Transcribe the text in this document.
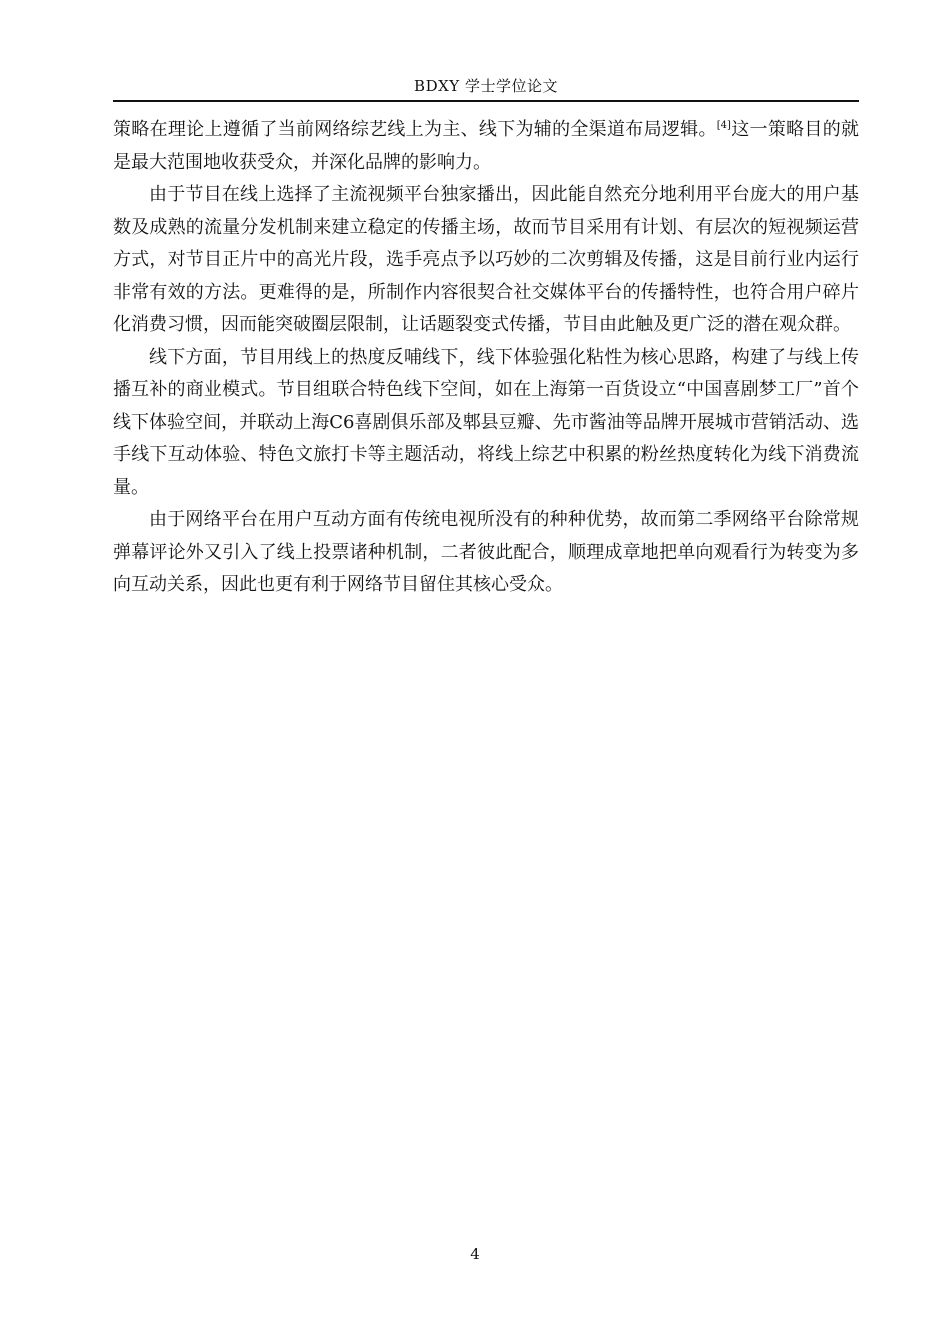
BDXY 学士学位论文

策略在理论上遵循了当前网络综艺线上为主、线下为辅的全渠道布局逻辑。[4]这一策略目的就是最大范围地收获受众，并深化品牌的影响力。

由于节目在线上选择了主流视频平台独家播出，因此能自然充分地利用平台庞大的用户基数及成熟的流量分发机制来建立稳定的传播主场，故而节目采用有计划、有层次的短视频运营方式，对节目正片中的高光片段，选手亮点予以巧妙的二次剪辑及传播，这是目前行业内运行非常有效的方法。更难得的是，所制作内容很契合社交媒体平台的传播特性，也符合用户碎片化消费习惯，因而能突破圈层限制，让话题裂变式传播，节目由此触及更广泛的潜在观众群。

线下方面，节目用线上的热度反哺线下，线下体验强化粘性为核心思路，构建了与线上传播互补的商业模式。节目组联合特色线下空间，如在上海第一百货设立“中国喜剧梦工厂”首个线下体验空间，并联动上海C6喜剧俱乐部及郫县豆瓣、先市酱油等品牌开展城市营销活动、选手线下互动体验、特色文旅打卡等主题活动，将线上综艺中积累的粉丝热度转化为线下消费流量。

由于网络平台在用户互动方面有传统电视所没有的种种优势，故而第二季网络平台除常规弹幕评论外又引入了线上投票诸种机制，二者彼此配合，顺理成章地把单向观看行为转变为多向互动关系，因此也更有利于网络节目留住其核心受众。

4
